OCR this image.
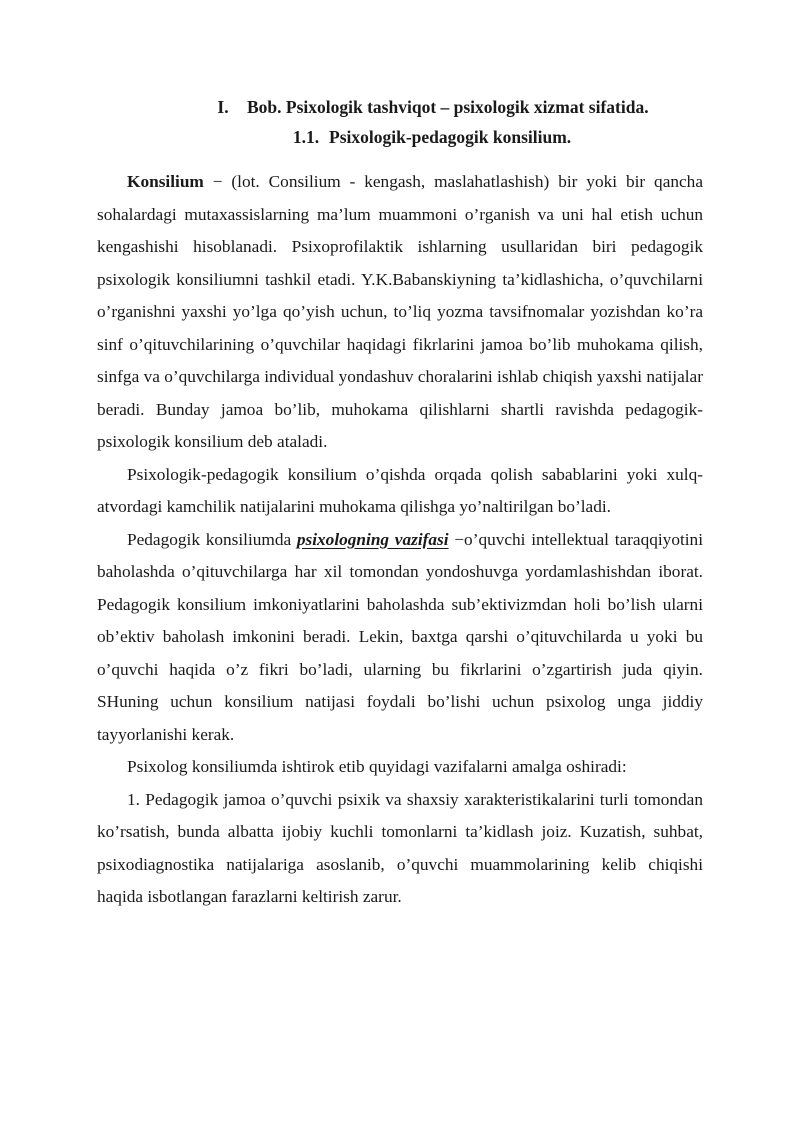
I.	Bob. Psixologik tashviqot – psixologik xizmat sifatida.
1.1. Psixologik-pedagogik konsilium.

Konsilium − (lot. Consilium - kengash, maslahatlashish) bir yoki bir qancha sohalardagi mutaxassislarning ma’lum muammoni o’rganish va uni hal etish uchun kengashishi hisoblanadi. Psixoprofilaktik ishlarning usullaridan biri pedagogik psixologik konsiliumni tashkil etadi. Y.K.Babanskiyning ta’kidlashicha, o’quvchilarni o’rganishni yaxshi yo’lga qo’yish uchun, to’liq yozma tavsifnomalar yozishdan ko’ra sinf o’qituvchilarining o’quvchilar haqidagi fikrlarini jamoa bo’lib muhokama qilish, sinfga va o’quvchilarga individual yondashuv choralarini ishlab chiqish yaxshi natijalar beradi. Bunday jamoa bo’lib, muhokama qilishlarni shartli ravishda pedagogik- psixologik konsilium deb ataladi.

Psixologik-pedagogik konsilium o’qishda orqada qolish sabablarini yoki xulq-atvordagi kamchilik natijalarini muhokama qilishga yo’naltirilgan bo’ladi.

Pedagogik konsiliumda psixologning vazifasi −o’quvchi intellektual taraqqiyotini baholashda o’qituvchilarga har xil tomondan yondoshuvga yordamlashishdan iborat. Pedagogik konsilium imkoniyatlarini baholashda sub’ektivizmdan holi bo’lish ularni ob’ektiv baholash imkonini beradi. Lekin, baxtga qarshi o’qituvchilarda u yoki bu o’quvchi haqida o’z fikri bo’ladi, ularning bu fikrlarini o’zgartirish juda qiyin. SHuning uchun konsilium natijasi foydali bo’lishi uchun psixolog unga jiddiy tayyorlanishi kerak.

Psixolog konsiliumda ishtirok etib quyidagi vazifalarni amalga oshiradi:

1. Pedagogik jamoa o’quvchi psixik va shaxsiy xarakteristikalarini turli tomondan ko’rsatish, bunda albatta ijobiy kuchli tomonlarni ta’kidlash joiz. Kuzatish, suhbat, psixodiagnostika natijalariga asoslanib, o’quvchi muammolarining kelib chiqishi haqida isbotlangan farazlarni keltirish zarur.
